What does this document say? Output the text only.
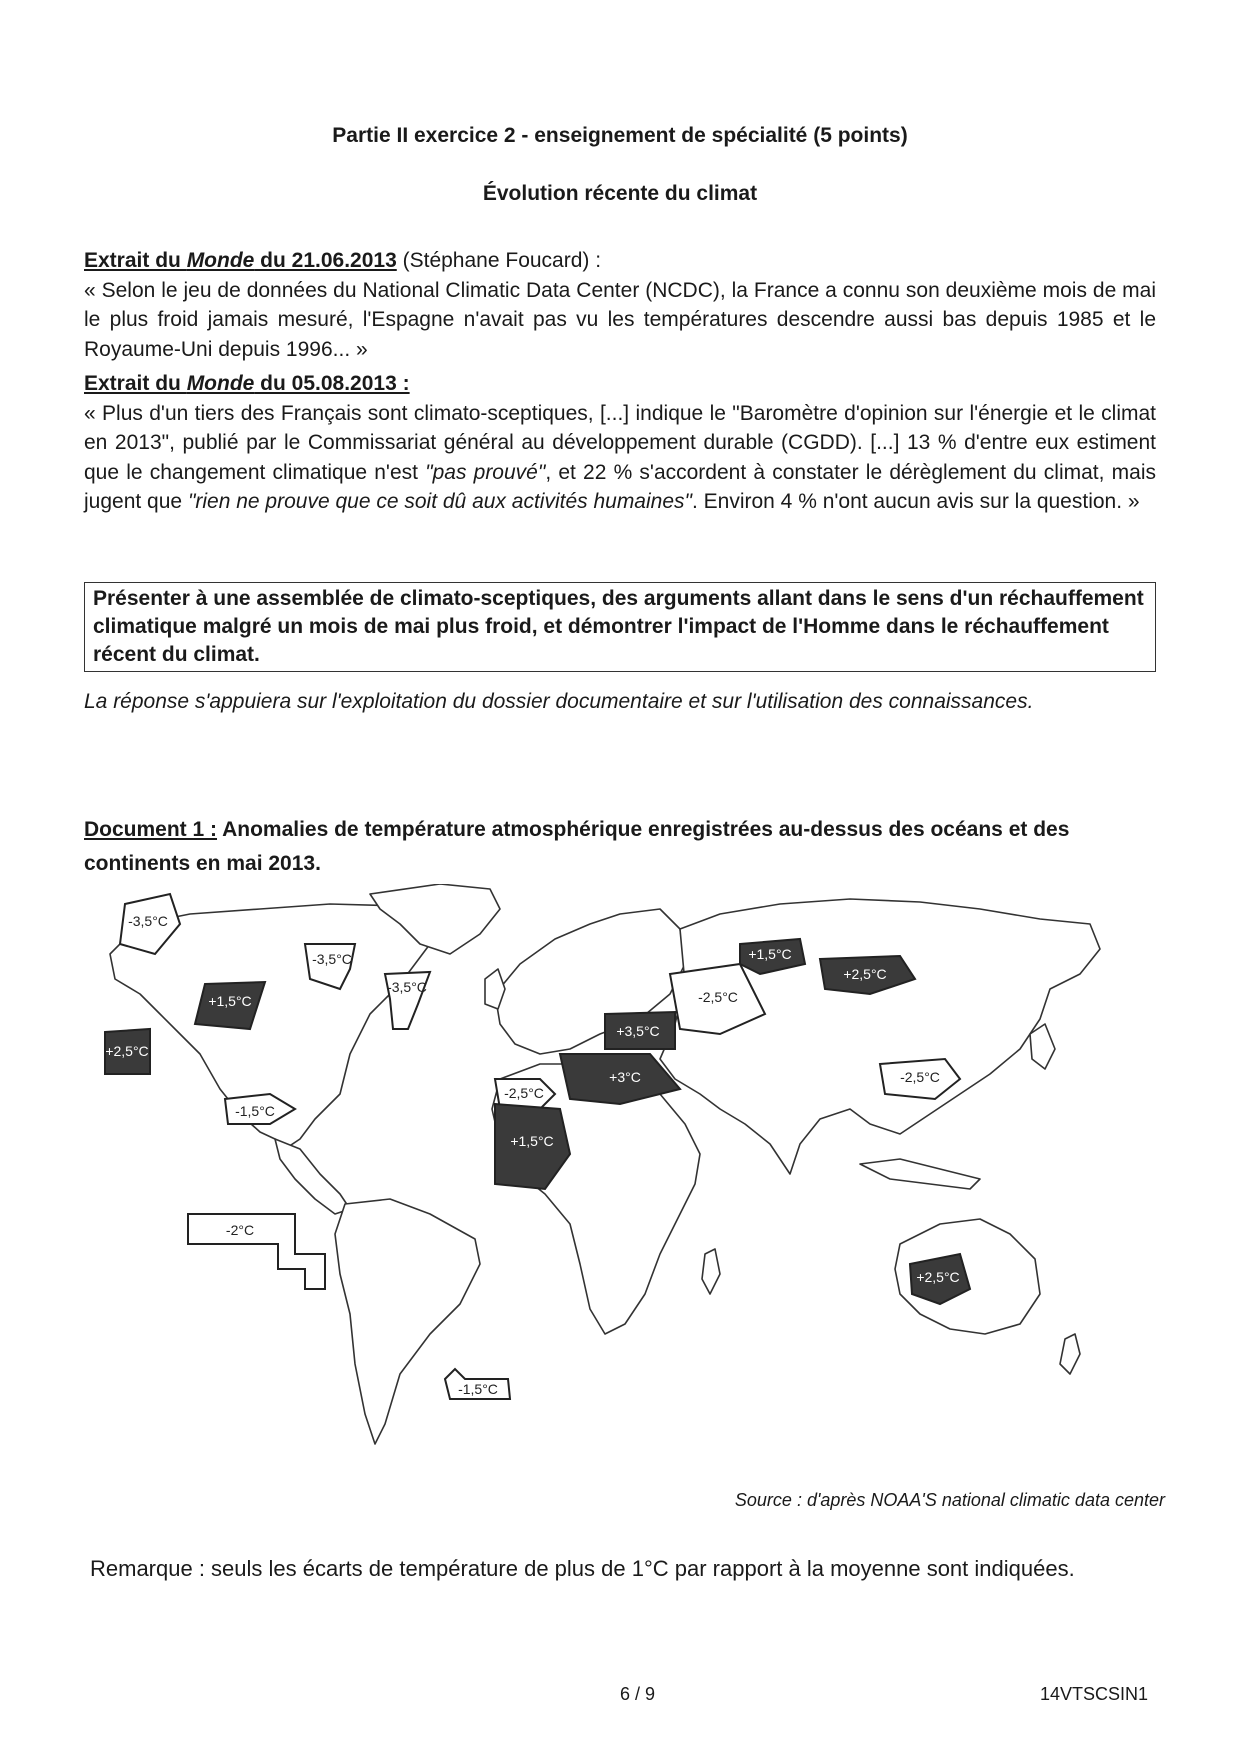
Partie II exercice 2 - enseignement de spécialité (5 points)
Évolution récente du climat
Extrait du Monde du 21.06.2013 (Stéphane Foucard) :
« Selon le jeu de données du National Climatic Data Center (NCDC), la France a connu son deuxième mois de mai le plus froid jamais mesuré, l'Espagne n'avait pas vu les températures descendre aussi bas depuis 1985 et le Royaume-Uni depuis 1996... »
Extrait du Monde du 05.08.2013 :
« Plus d'un tiers des Français sont climato-sceptiques, [...] indique le "Baromètre d'opinion sur l'énergie et le climat en 2013", publié par le Commissariat général au développement durable (CGDD). [...] 13 % d'entre eux estiment que le changement climatique n'est "pas prouvé", et 22 % s'accordent à constater le dérèglement du climat, mais jugent que "rien ne prouve que ce soit dû aux activités humaines". Environ 4 % n'ont aucun avis sur la question. »
Présenter à une assemblée de climato-sceptiques, des arguments allant dans le sens d'un réchauffement climatique malgré un mois de mai plus froid, et démontrer l'impact de l'Homme dans le réchauffement récent du climat.
La réponse s'appuiera sur l'exploitation du dossier documentaire et sur l'utilisation des connaissances.
Document 1 : Anomalies de température atmosphérique enregistrées au-dessus des océans et des continents en mai 2013.
-3,5°C
-3,5°C
-3,5°C
+1,5°C
+2,5°C
-1,5°C
-2°C
-1,5°C
-2,5°C
+3,5°C
+3°C
+1,5°C
-2,5°C
+1,5°C
+2,5°C
-2,5°C
+2,5°C
Source : d'après NOAA'S national climatic data center
Remarque : seuls les écarts de température de plus de 1°C par rapport à la moyenne sont indiquées.
6 / 9	14VTSCSIN1
